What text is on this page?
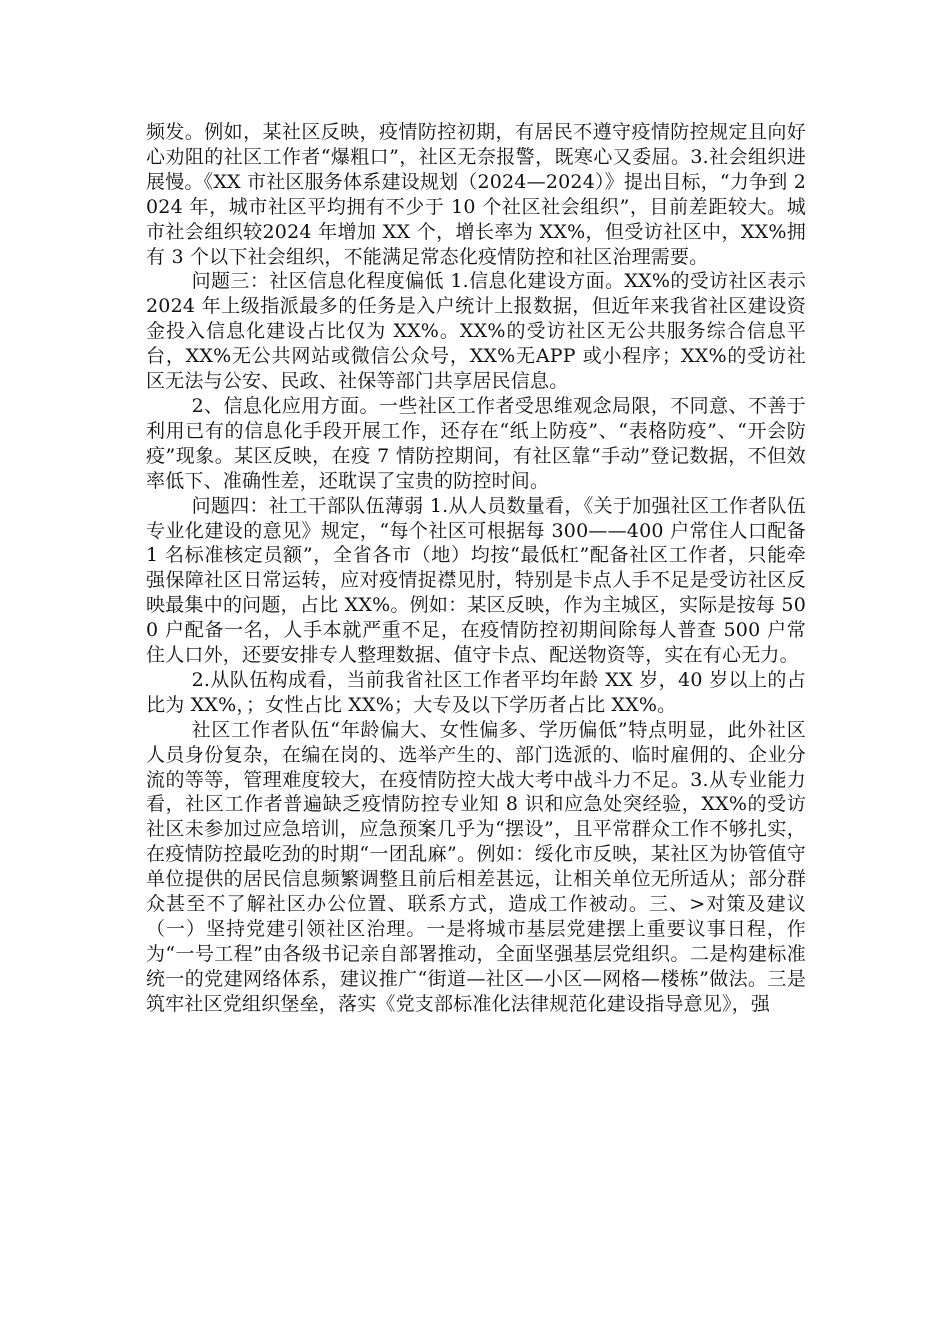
频发。例如，某社区反映，疫情防控初期，有居民不遵守疫情防控规定且向好心劝阻的社区工作者“爆粗口”，社区无奈报警，既寒心又委屈。3.社会组织进展慢。《XX 市社区服务体系建设规划（2024—2024）》提出目标，“力争到 2024 年，城市社区平均拥有不少于 10 个社区社会组织”，目前差距较大。城市社会组织较2024 年增加 XX 个，增长率为 XX%，但受访社区中，XX%拥有 3 个以下社会组织，不能满足常态化疫情防控和社区治理需要。

问题三：社区信息化程度偏低 1.信息化建设方面。XX%的受访社区表示 2024 年上级指派最多的任务是入户统计上报数据，但近年来我省社区建设资金投入信息化建设占比仅为 XX%。XX%的受访社区无公共服务综合信息平台，XX%无公共网站或微信公众号，XX%无APP 或小程序；XX%的受访社区无法与公安、民政、社保等部门共享居民信息。

2、信息化应用方面。一些社区工作者受思维观念局限，不同意、不善于利用已有的信息化手段开展工作，还存在“纸上防疫”、“表格防疫”、“开会防疫”现象。某区反映，在疫 7 情防控期间，有社区靠“手动”登记数据，不但效率低下、准确性差，还耽误了宝贵的防控时间。

问题四：社工干部队伍薄弱 1.从人员数量看，《关于加强社区工作者队伍专业化建设的意见》规定，“每个社区可根据每 300——400 户常住人口配备 1 名标准核定员额”，全省各市（地）均按“最低杠”配备社区工作者，只能牵强保障社区日常运转，应对疫情捉襟见肘，特别是卡点人手不足是受访社区反映最集中的问题，占比 XX%。例如：某区反映，作为主城区，实际是按每 500 户配备一名，人手本就严重不足，在疫情防控初期间除每人普查 500 户常住人口外，还要安排专人整理数据、值守卡点、配送物资等，实在有心无力。

2.从队伍构成看，当前我省社区工作者平均年龄 XX 岁，40 岁以上的占比为 XX%，；女性占比 XX%；大专及以下学历者占比 XX%。

社区工作者队伍“年龄偏大、女性偏多、学历偏低”特点明显，此外社区人员身份复杂，在编在岗的、选举产生的、部门选派的、临时雇佣的、企业分流的等等，管理难度较大，在疫情防控大战大考中战斗力不足。3.从专业能力看，社区工作者普遍缺乏疫情防控专业知 8 识和应急处突经验，XX%的受访社区未参加过应急培训，应急预案几乎为“摆设”，且平常群众工作不够扎实，在疫情防控最吃劲的时期“一团乱麻”。例如：绥化市反映，某社区为协管值守单位提供的居民信息频繁调整且前后相差甚远，让相关单位无所适从；部分群众甚至不了解社区办公位置、联系方式，造成工作被动。三、>对策及建议 （一）坚持党建引领社区治理。一是将城市基层党建摆上重要议事日程，作为“一号工程”由各级书记亲自部署推动，全面坚强基层党组织。二是构建标准统一的党建网络体系，建议推广“街道—社区—小区—网格—楼栋”做法。三是筑牢社区党组织堡垒，落实《党支部标准化法律规范化建设指导意见》，强
